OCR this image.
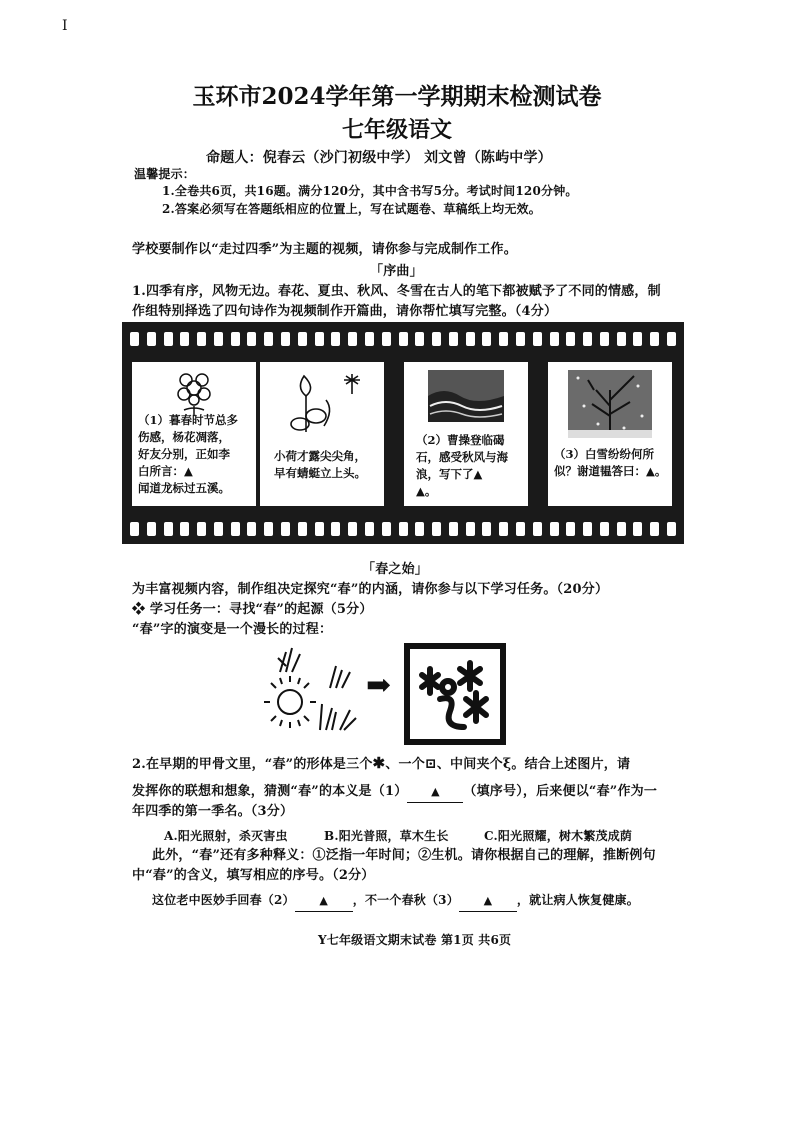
I
玉环市2024学年第一学期期末检测试卷
七年级语文
命题人：倪春云（沙门初级中学） 刘文曾（陈屿中学）
温馨提示：
1.全卷共6页，共16题。满分120分，其中含书写5分。考试时间120分钟。
2.答案必须写在答题纸相应的位置上，写在试题卷、草稿纸上均无效。
学校要制作以“走过四季”为主题的视频，请你参与完成制作工作。
「序曲」
1.四季有序，风物无边。春花、夏虫、秋风、冬雪在古人的笔下都被赋予了不同的情感，制
作组特别择选了四句诗作为视频制作开篇曲，请你帮忙填写完整。（4分）

（1）暮春时节总多
伤感，杨花凋落，
好友分别，正如李
白所言：▲
闻道龙标过五溪。

小荷才露尖尖角，
早有蜻蜓立上头。

（2）曹操登临碣
石，感受秋风与海
浪，写下了▲
▲。

（3）白雪纷纷何所
似？谢道韫答曰：▲。

「春之始」
为丰富视频内容，制作组决定探究“春”的内涵，请你参与以下学习任务。（20分）
❖ 学习任务一：寻找“春”的起源（5分）
“春”字的演变是一个漫长的过程：
➡
2.在早期的甲骨文里，“春”的形体是三个✱、一个⊡、中间夹个ξ。结合上述图片，请
发挥你的联想和想象，猜测“春”的本义是（1） ▲ （填序号），后来便以“春”作为一
年四季的第一季名。（3分）
A.阳光照射，杀灭害虫	B.阳光普照，草木生长	C.阳光照耀，树木繁茂成荫
此外，“春”还有多种释义：①泛指一年时间；②生机。请你根据自己的理解，推断例句
中“春”的含义，填写相应的序号。（2分）
这位老中医妙手回春（2） ▲ ，不一个春秋（3） ▲ ，就让病人恢复健康。
Y七年级语文期末试卷 第1页 共6页
